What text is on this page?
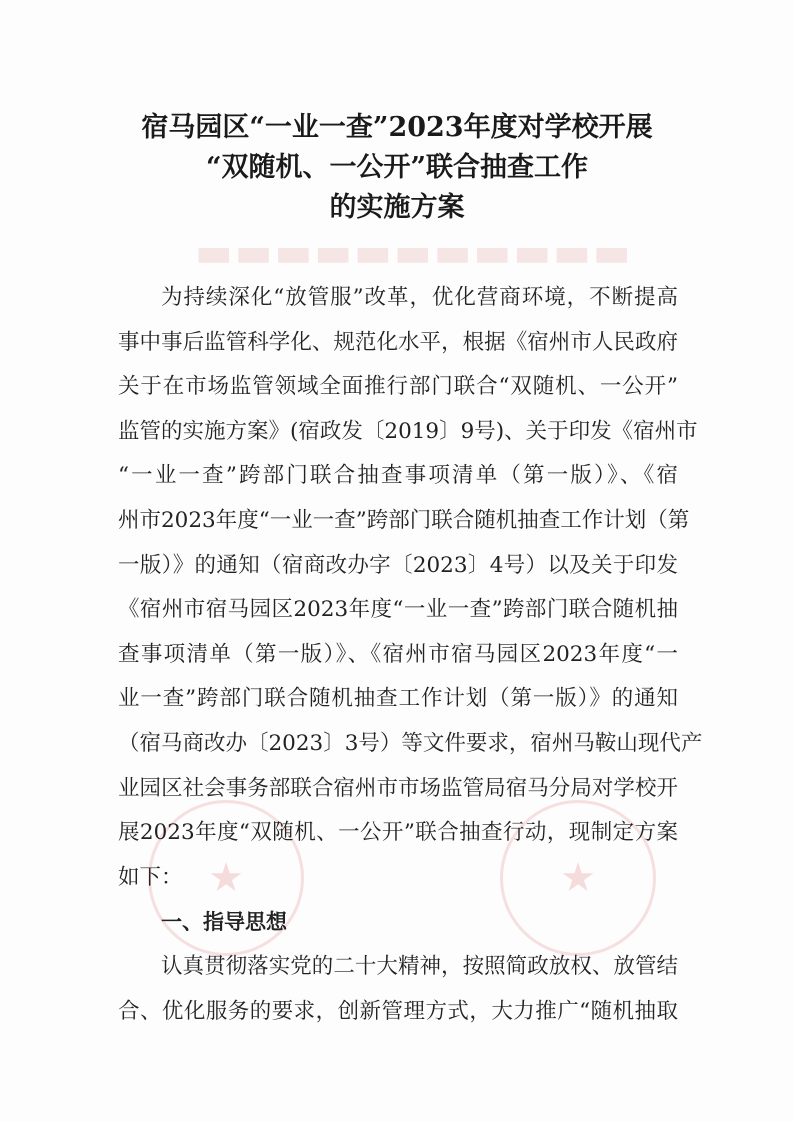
▬▬▬▬▬▬▬▬▬▬▬
★	★
宿马园区“一业一查”2023年度对学校开展
“双随机、一公开”联合抽查工作
的实施方案
为持续深化“放管服”改革，优化营商环境，不断提高
事中事后监管科学化、规范化水平，根据《宿州市人民政府
关于在市场监管领域全面推行部门联合“双随机、一公开”
监管的实施方案》(宿政发〔2019〕9号)、关于印发《宿州市
“一业一查”跨部门联合抽查事项清单（第一版）》、《宿
州市2023年度“一业一查”跨部门联合随机抽查工作计划（第
一版）》的通知（宿商改办字〔2023〕4号）以及关于印发
《宿州市宿马园区2023年度“一业一查”跨部门联合随机抽
查事项清单（第一版）》、《宿州市宿马园区2023年度“一
业一查”跨部门联合随机抽查工作计划（第一版）》的通知
（宿马商改办〔2023〕3号）等文件要求，宿州马鞍山现代产
业园区社会事务部联合宿州市市场监管局宿马分局对学校开
展2023年度“双随机、一公开”联合抽查行动，现制定方案
如下：
一、指导思想
认真贯彻落实党的二十大精神，按照简政放权、放管结
合、优化服务的要求，创新管理方式，大力推广“随机抽取
